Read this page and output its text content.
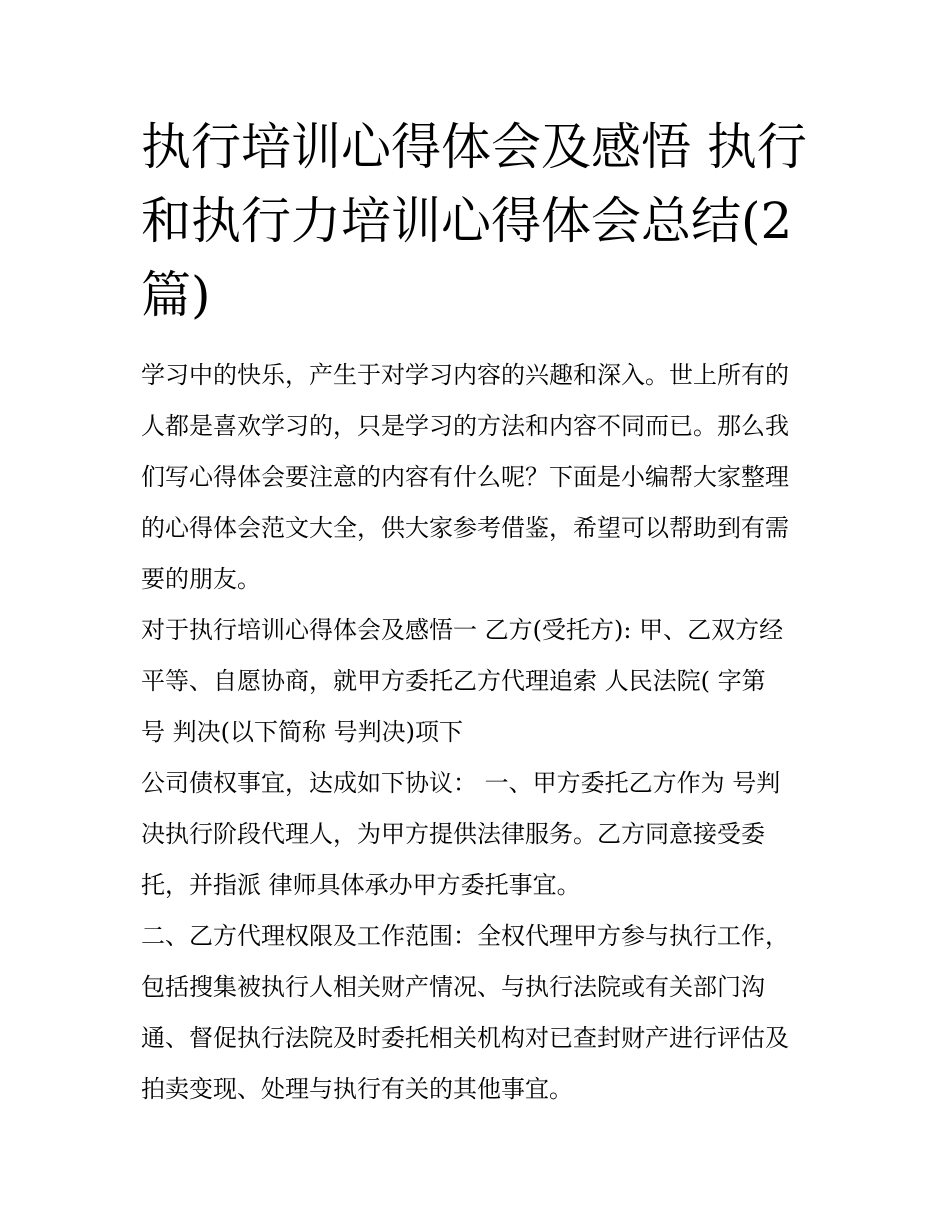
执行培训心得体会及感悟 执行
和执行力培训心得体会总结(2
篇)

学习中的快乐，产生于对学习内容的兴趣和深入。世上所有的
人都是喜欢学习的，只是学习的方法和内容不同而已。那么我
们写心得体会要注意的内容有什么呢？下面是小编帮大家整理
的心得体会范文大全，供大家参考借鉴，希望可以帮助到有需
要的朋友。

对于执行培训心得体会及感悟一 乙方(受托方): 甲、乙双方经
平等、自愿协商，就甲方委托乙方代理追索 人民法院( 字第
号 判决(以下简称 号判决)项下

公司债权事宜，达成如下协议： 一、甲方委托乙方作为 号判
决执行阶段代理人，为甲方提供法律服务。乙方同意接受委
托，并指派 律师具体承办甲方委托事宜。

二、乙方代理权限及工作范围：全权代理甲方参与执行工作，
包括搜集被执行人相关财产情况、与执行法院或有关部门沟
通、督促执行法院及时委托相关机构对已查封财产进行评估及
拍卖变现、处理与执行有关的其他事宜。
